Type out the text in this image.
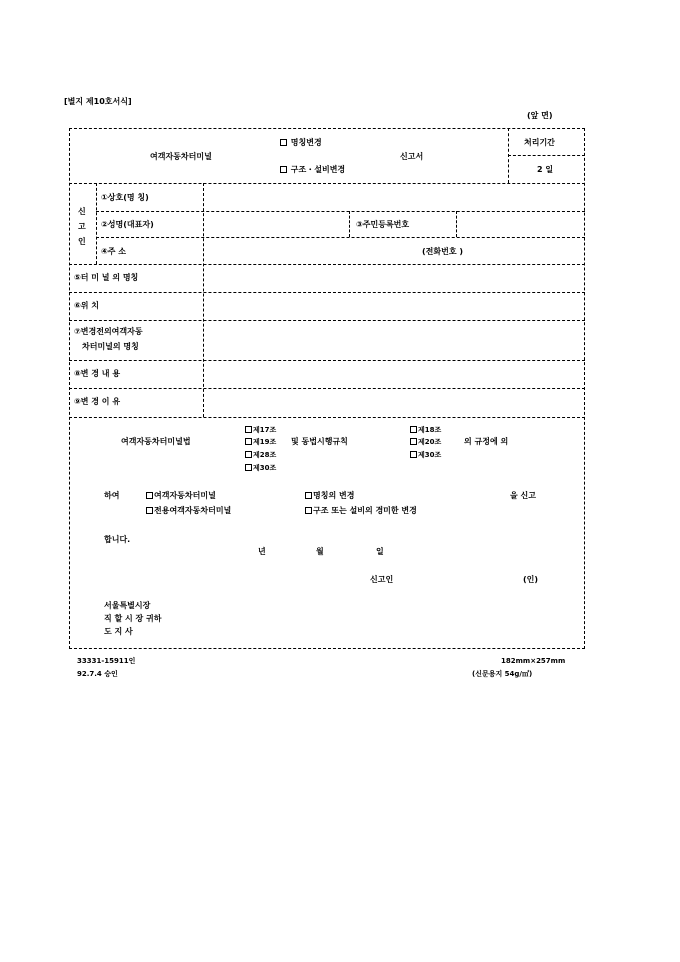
[별지 제10호서식]
(앞 면)
여객자동차터미널
명칭변경
구조・설비변경
신고서
처리기간
2 일
신
고
인
①상호(명 칭)
②성명(대표자)	③주민등록번호
④주 소	(전화번호 )
⑤터 미 널 의 명칭
⑥위 치
⑦변경전의여객자동
차터미널의 명칭
⑧변 경 내 용
⑨변 경 이 유
여객자동차터미널법
제17조
제19조 및 동법시행규칙
제28조
제30조
제18조
제20조	의 규정에 의
제30조
하여	여객자동차터미널
전용여객자동차터미널
명칭의 변경
구조 또는 설비의 경미한 변경
을 신고
합니다.
년	월	일
신고인	(인)
서울특별시장
직 할 시 장 귀하
도 지 사
33331-15911인
92.7.4 승인
182mm×257mm
(신문용지 54g/㎡)
